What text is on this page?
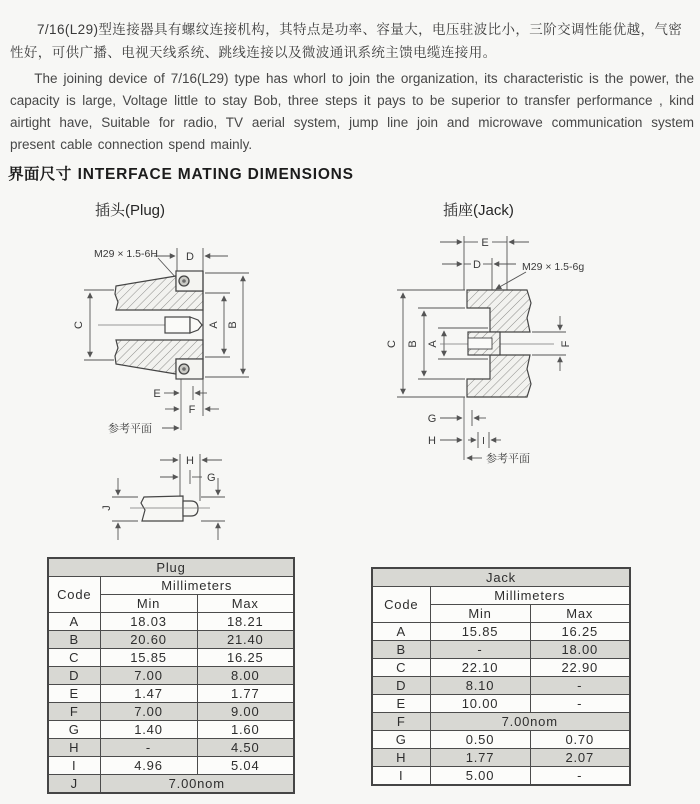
7/16(L29)型连接器具有螺纹连接机构，其特点是功率、容量大，电压驻波比小，三阶交调性能优越，气密性好，可供广播、电视天线系统、跳线连接以及微波通讯系统主馈电缆连接用。

The joining device of 7/16(L29) type has whorl to join the organization, its characteristic is the power, the capacity is large, Voltage little to stay Bob, three steps it pays to be superior to transfer performance , kind airtight have, Suitable for radio, TV aerial system, jump line join and microwave communication system present cable connection spend mainly.

界面尺寸 INTERFACE MATING DIMENSIONS
插头(Plug)	插座(Jack)
M29 × 1.5-6H	D
C	A B
E
F
参考平面
H
G
J
E
D	M29 × 1.5-6g
C B A	F
G
H	I
参考平面
Plug		
Code	Millimeters	
	Min	Max
A	18.03	18.21
B	20.60	21.40
C	15.85	16.25
D	7.00	8.00
E	1.47	1.77
F	7.00	9.00
G	1.40	1.60
H	-	4.50
I	4.96	5.04
J	7.00nom	
Jack		
Code	Millimeters	
	Min	Max
A	15.85	16.25
B	-	18.00
C	22.10	22.90
D	8.10	-
E	10.00	-
F	7.00nom	
G	0.50	0.70
H	1.77	2.07
I	5.00	-
